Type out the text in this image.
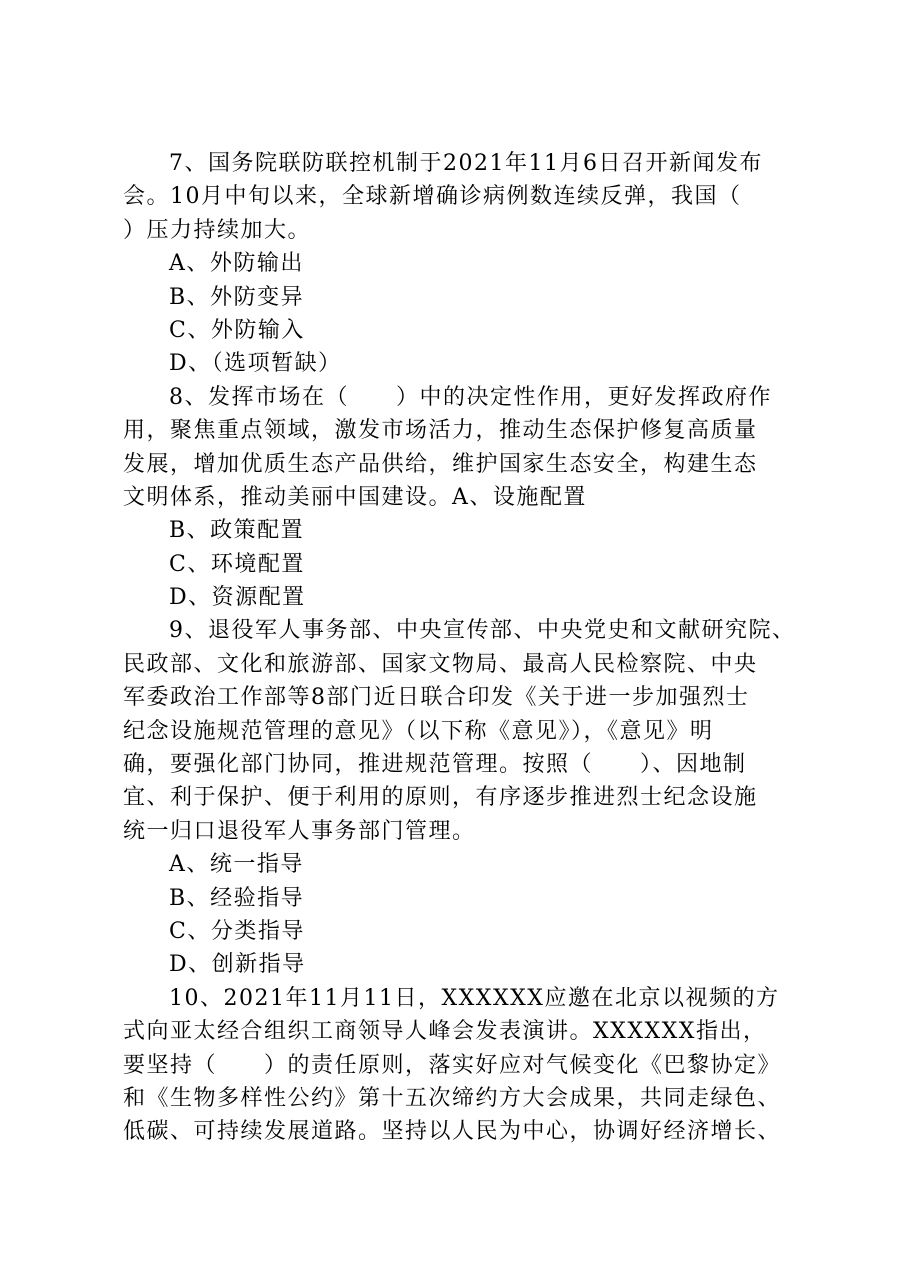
7、国务院联防联控机制于2021年11月6日召开新闻发布
会。10月中旬以来，全球新增确诊病例数连续反弹，我国（
）压力持续加大。
A、外防输出
B、外防变异
C、外防输入
D、（选项暂缺）
8、发挥市场在（　　）中的决定性作用，更好发挥政府作
用，聚焦重点领域，激发市场活力，推动生态保护修复高质量
发展，增加优质生态产品供给，维护国家生态安全，构建生态
文明体系，推动美丽中国建设。A、设施配置
B、政策配置
C、环境配置
D、资源配置
9、退役军人事务部、中央宣传部、中央党史和文献研究院、
民政部、文化和旅游部、国家文物局、最高人民检察院、中央
军委政治工作部等8部门近日联合印发《关于进一步加强烈士
纪念设施规范管理的意见》（以下称《意见》），《意见》明
确，要强化部门协同，推进规范管理。按照（　　）、因地制
宜、利于保护、便于利用的原则，有序逐步推进烈士纪念设施
统一归口退役军人事务部门管理。
A、统一指导
B、经验指导
C、分类指导
D、创新指导
10、2021年11月11日，XXXXXX应邀在北京以视频的方
式向亚太经合组织工商领导人峰会发表演讲。XXXXXX指出，
要坚持（　　）的责任原则，落实好应对气候变化《巴黎协定》
和《生物多样性公约》第十五次缔约方大会成果，共同走绿色、
低碳、可持续发展道路。坚持以人民为中心，协调好经济增长、
